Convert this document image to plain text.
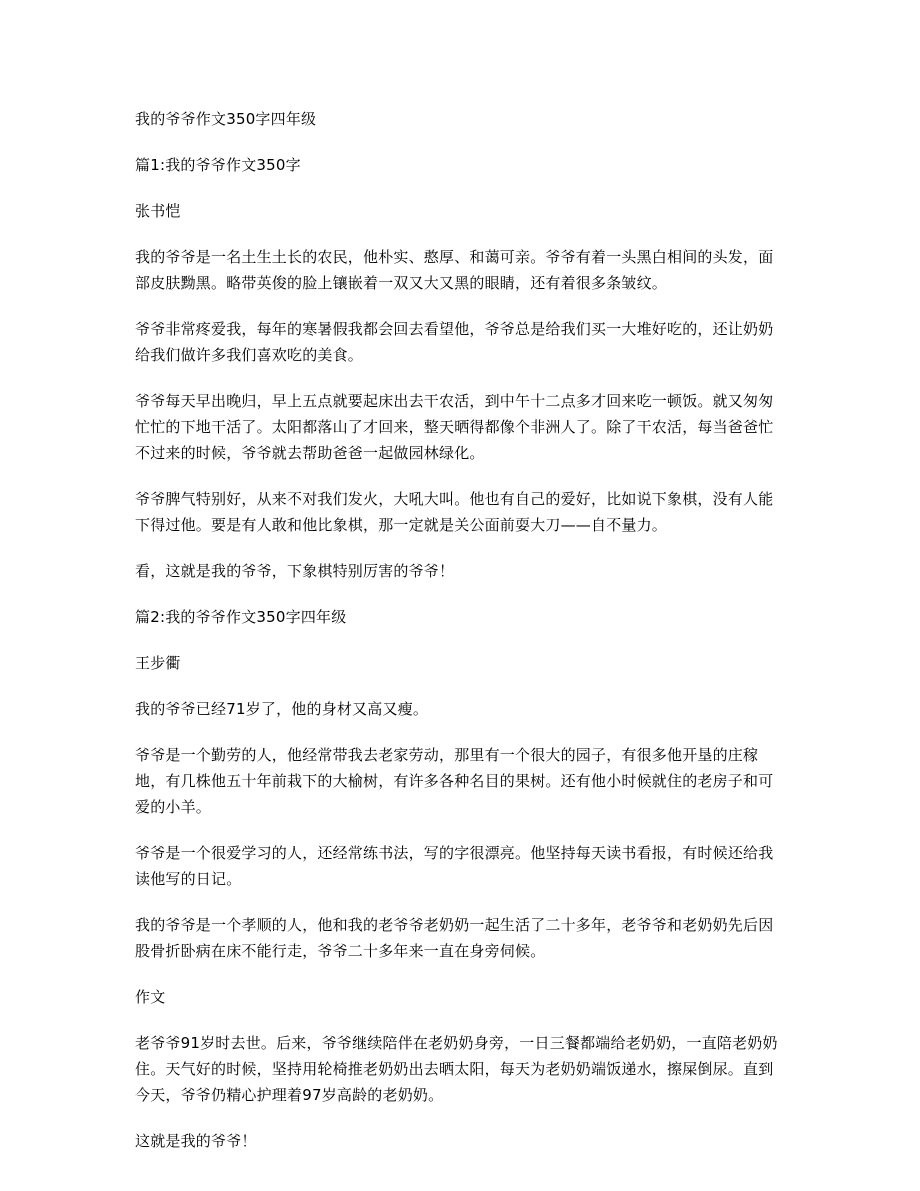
我的爷爷作文350字四年级

篇1:我的爷爷作文350字

张书恺

我的爷爷是一名土生土长的农民，他朴实、憨厚、和蔼可亲。爷爷有着一头黑白相间的头发，面部皮肤黝黑。略带英俊的脸上镶嵌着一双又大又黑的眼睛，还有着很多条皱纹。

爷爷非常疼爱我，每年的寒暑假我都会回去看望他，爷爷总是给我们买一大堆好吃的，还让奶奶给我们做许多我们喜欢吃的美食。

爷爷每天早出晚归，早上五点就要起床出去干农活，到中午十二点多才回来吃一顿饭。就又匆匆忙忙的下地干活了。太阳都落山了才回来，整天晒得都像个非洲人了。除了干农活，每当爸爸忙不过来的时候，爷爷就去帮助爸爸一起做园林绿化。

爷爷脾气特别好，从来不对我们发火，大吼大叫。他也有自己的爱好，比如说下象棋，没有人能下得过他。要是有人敢和他比象棋，那一定就是关公面前耍大刀——自不量力。

看，这就是我的爷爷，下象棋特别厉害的爷爷！

篇2:我的爷爷作文350字四年级

王步衢

我的爷爷已经71岁了，他的身材又高又瘦。

爷爷是一个勤劳的人，他经常带我去老家劳动，那里有一个很大的园子，有很多他开垦的庄稼地，有几株他五十年前栽下的大榆树，有许多各种名目的果树。还有他小时候就住的老房子和可爱的小羊。

爷爷是一个很爱学习的人，还经常练书法，写的字很漂亮。他坚持每天读书看报，有时候还给我读他写的日记。

我的爷爷是一个孝顺的人，他和我的老爷爷老奶奶一起生活了二十多年，老爷爷和老奶奶先后因股骨折卧病在床不能行走，爷爷二十多年来一直在身旁伺候。

作文

老爷爷91岁时去世。后来，爷爷继续陪伴在老奶奶身旁，一日三餐都端给老奶奶，一直陪老奶奶住。天气好的时候，坚持用轮椅推老奶奶出去晒太阳，每天为老奶奶端饭递水，擦屎倒尿。直到今天，爷爷仍精心护理着97岁高龄的老奶奶。

这就是我的爷爷！
